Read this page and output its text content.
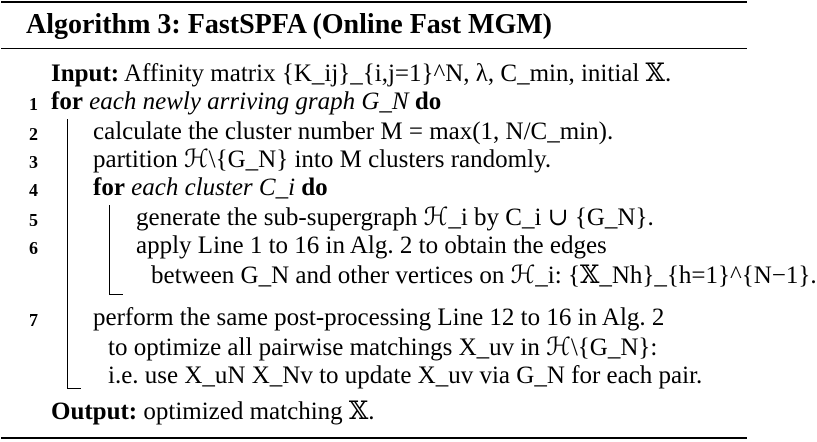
Algorithm 3: FastSPFA (Online Fast MGM)
Input: Affinity matrix {K_ij}_{i,j=1}^N, λ, C_min, initial 𝕏.
1 for each newly arriving graph G_N do
2 calculate the cluster number M = max(1, N/C_min).
3 partition ℋ\{G_N} into M clusters randomly.
4 for each cluster C_i do
5	generate the sub-supergraph ℋ_i by C_i ∪ {G_N}.
6	apply Line 1 to 16 in Alg. 2 to obtain the edges
between G_N and other vertices on ℋ_i: {𝕏_Nh}_{h=1}^{N−1}.
7 perform the same post-processing Line 12 to 16 in Alg. 2
to optimize all pairwise matchings X_uv in ℋ\{G_N}:
i.e. use X_uN X_Nv to update X_uv via G_N for each pair.
Output: optimized matching 𝕏.
